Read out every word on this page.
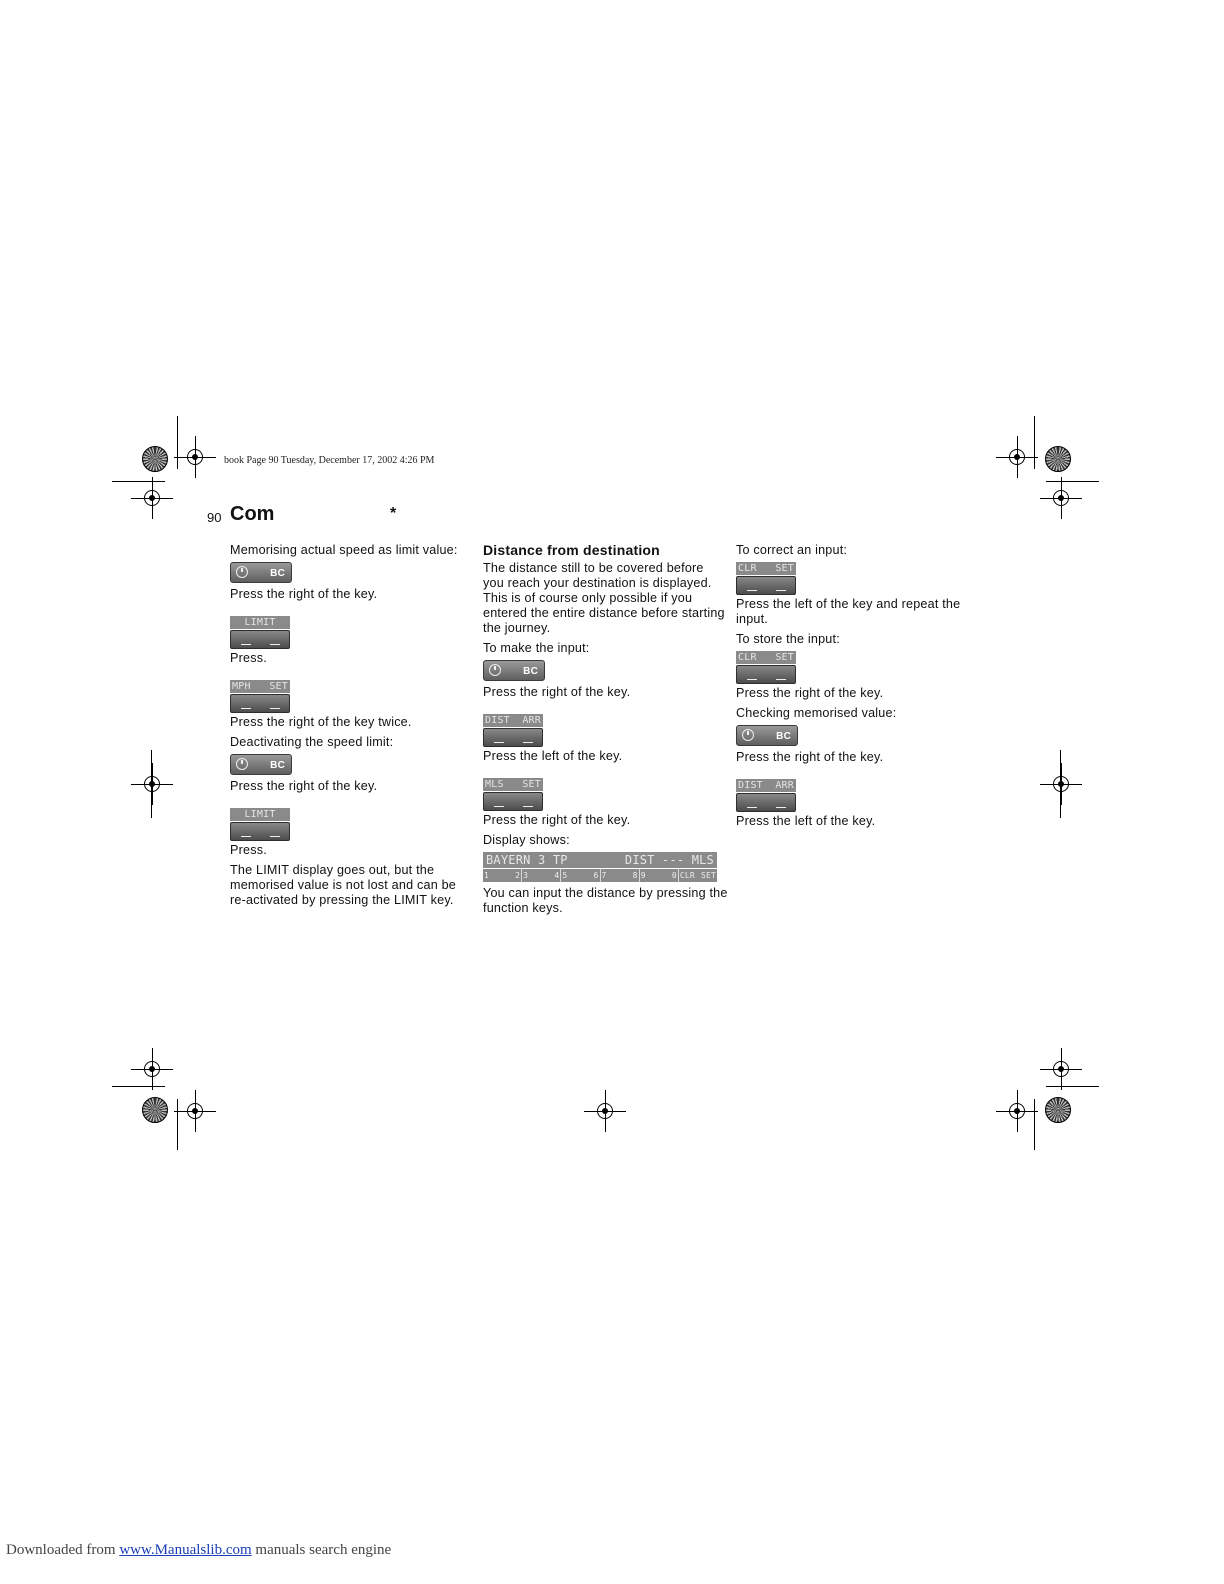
book Page 90 Tuesday, December 17, 2002 4:26 PM
90 Com	*

Memorising actual speed as limit value:

BC

Press the right of the key.

LIMIT

Press.

MPH SET

Press the right of the key twice.

Deactivating the speed limit:

BC

Press the right of the key.

LIMIT

Press.

The LIMIT display goes out, but the memorised value is not lost and can be re-activated by pressing the LIMIT key.

Distance from destination

The distance still to be covered before you reach your destination is displayed. This is of course only possible if you entered the entire distance before starting the journey.

To make the input:

BC

Press the right of the key.

DIST ARR

Press the left of the key.

MLS SET

Press the right of the key.

Display shows:

BAYERN 3 TP	DIST --- MLS
1	2 3	4 5	6 7	8 9	0 CLR SET

You can input the distance by pressing the function keys.

To correct an input:

CLR SET

Press the left of the key and repeat the input.

To store the input:

CLR SET

Press the right of the key.

Checking memorised value:

BC

Press the right of the key.

DIST ARR

Press the left of the key.

Downloaded from www.Manualslib.com manuals search engine
